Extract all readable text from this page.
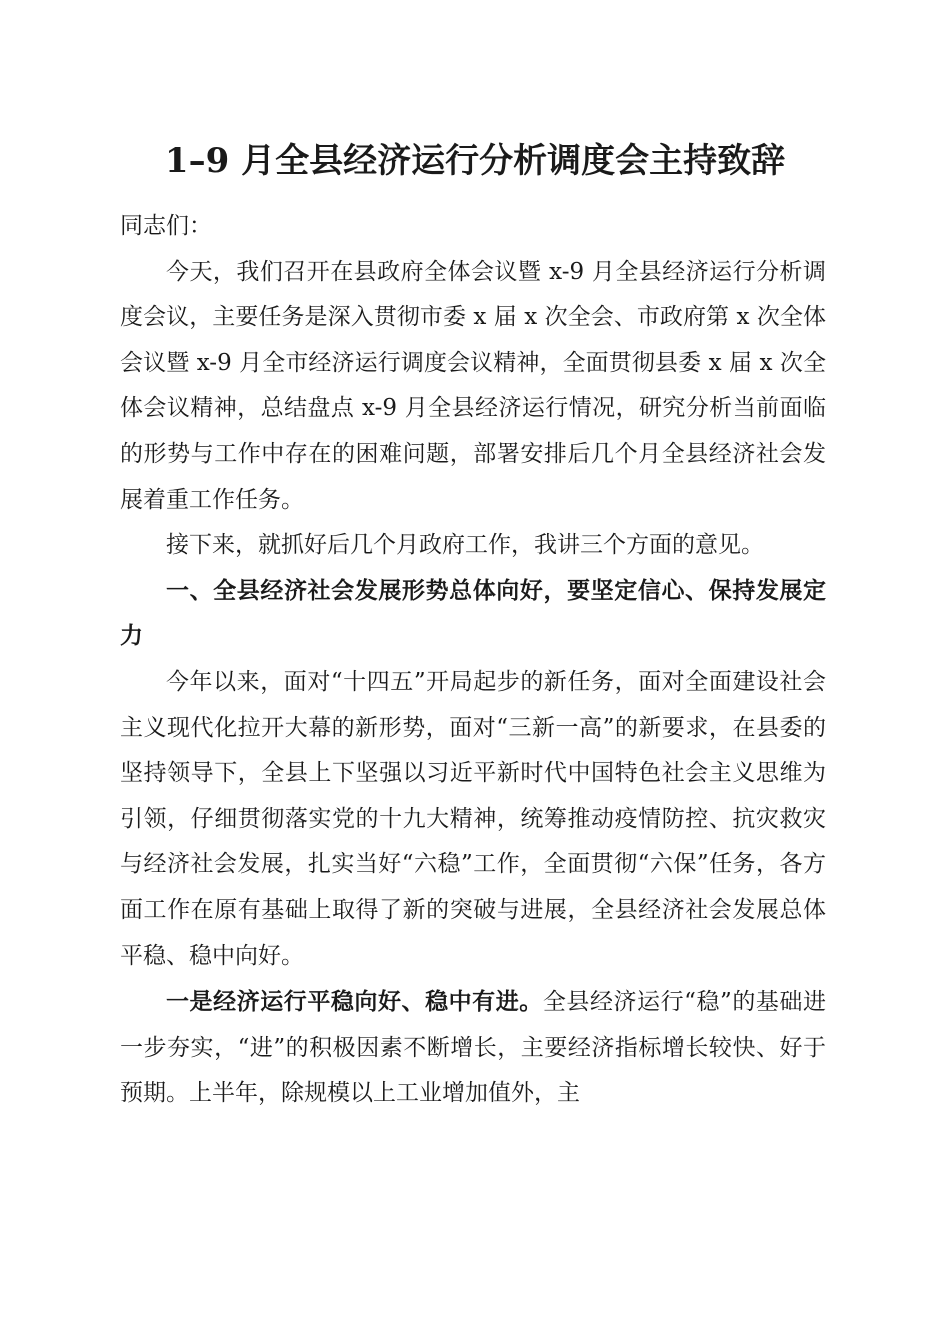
1–9 月全县经济运行分析调度会主持致辞

同志们：

今天，我们召开在县政府全体会议暨 x-9 月全县经济运行分析调度会议，主要任务是深入贯彻市委 x 届 x 次全会、市政府第 x 次全体会议暨 x-9 月全市经济运行调度会议精神，全面贯彻县委 x 届 x 次全体会议精神，总结盘点 x-9 月全县经济运行情况，研究分析当前面临的形势与工作中存在的困难问题，部署安排后几个月全县经济社会发展着重工作任务。

接下来，就抓好后几个月政府工作，我讲三个方面的意见。

一、全县经济社会发展形势总体向好，要坚定信心、保持发展定力

今年以来，面对“十四五”开局起步的新任务，面对全面建设社会主义现代化拉开大幕的新形势，面对“三新一高”的新要求，在县委的坚持领导下，全县上下坚强以习近平新时代中国特色社会主义思维为引领，仔细贯彻落实党的十九大精神，统筹推动疫情防控、抗灾救灾与经济社会发展，扎实当好“六稳”工作，全面贯彻“六保”任务，各方面工作在原有基础上取得了新的突破与进展，全县经济社会发展总体平稳、稳中向好。

一是经济运行平稳向好、稳中有进。全县经济运行“稳”的基础进一步夯实，“进”的积极因素不断增长，主要经济指标增长较快、好于预期。上半年，除规模以上工业增加值外，主
